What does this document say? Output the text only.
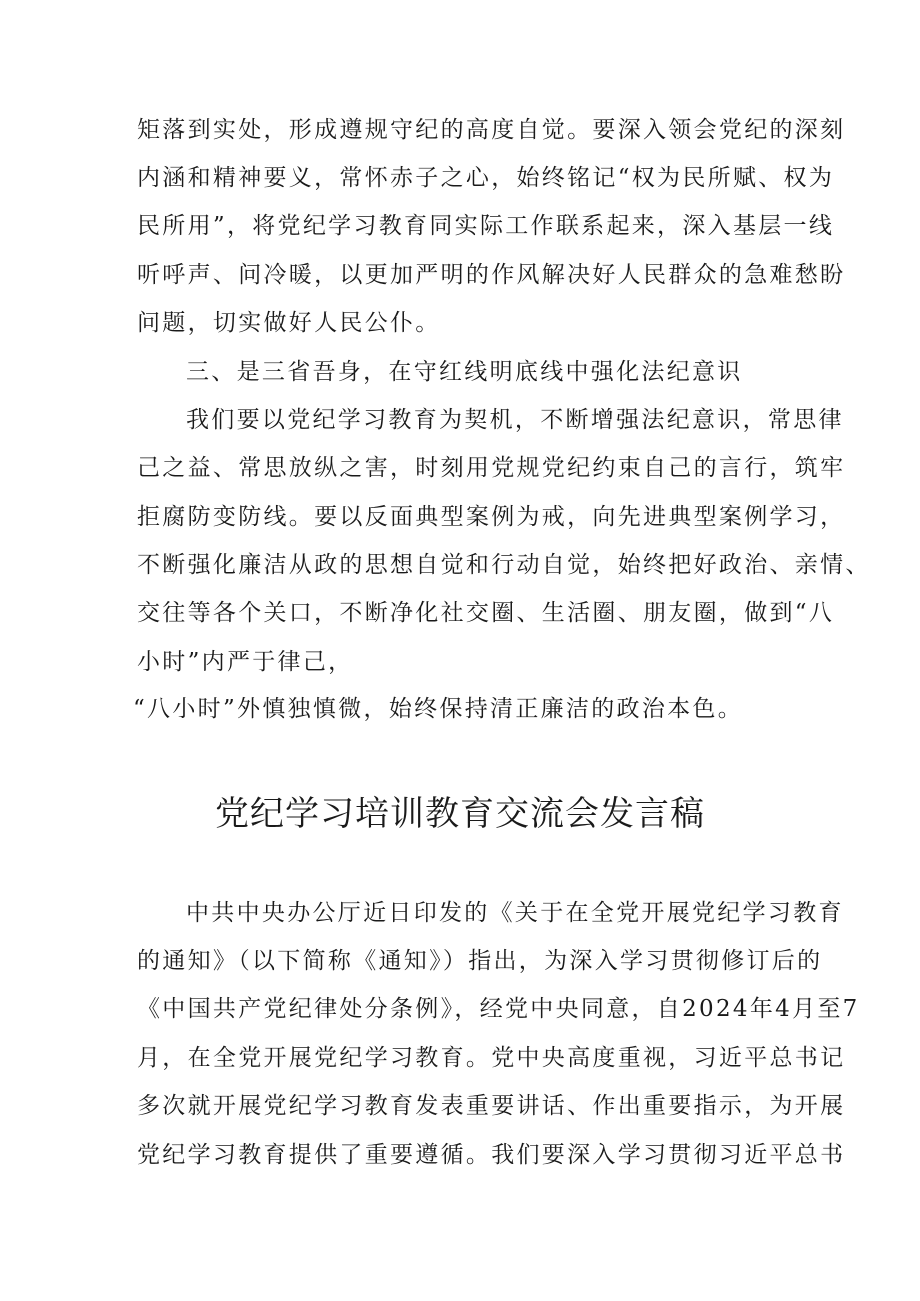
矩落到实处，形成遵规守纪的高度自觉。要深入领会党纪的深刻
内涵和精神要义，常怀赤子之心，始终铭记“权为民所赋、权为
民所用”，将党纪学习教育同实际工作联系起来，深入基层一线
听呼声、问冷暖，以更加严明的作风解决好人民群众的急难愁盼
问题，切实做好人民公仆。
三、是三省吾身，在守红线明底线中强化法纪意识
我们要以党纪学习教育为契机，不断增强法纪意识，常思律
己之益、常思放纵之害，时刻用党规党纪约束自己的言行，筑牢
拒腐防变防线。要以反面典型案例为戒，向先进典型案例学习，
不断强化廉洁从政的思想自觉和行动自觉，始终把好政治、亲情、
交往等各个关口，不断净化社交圈、生活圈、朋友圈，做到“八
小时”内严于律己，
“八小时”外慎独慎微，始终保持清正廉洁的政治本色。
党纪学习培训教育交流会发言稿
中共中央办公厅近日印发的《关于在全党开展党纪学习教育
的通知》（以下简称《通知》）指出，为深入学习贯彻修订后的
《中国共产党纪律处分条例》，经党中央同意，自2024年4月至7
月，在全党开展党纪学习教育。党中央高度重视，习近平总书记
多次就开展党纪学习教育发表重要讲话、作出重要指示，为开展
党纪学习教育提供了重要遵循。我们要深入学习贯彻习近平总书
